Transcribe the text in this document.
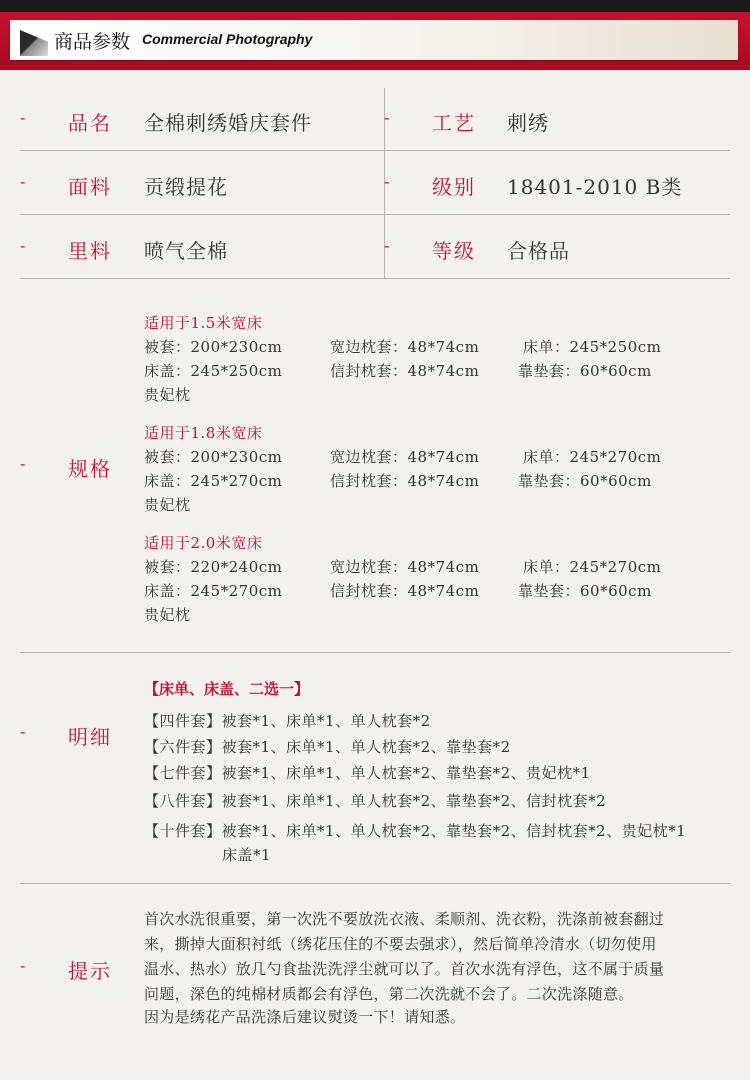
商品参数 Commercial Photography
- 品名 全棉刺绣婚庆套件	- 工艺 刺绣
- 面料 贡缎提花	- 级别 18401-2010 B类
- 里料 喷气全棉	- 等级 合格品
- 规格
适用于1.5米宽床
被套：200*230cm	宽边枕套：48*74cm	床单：245*250cm
床盖：245*250cm	信封枕套：48*74cm	靠垫套：60*60cm
贵妃枕
适用于1.8米宽床
被套：200*230cm	宽边枕套：48*74cm	床单：245*270cm
床盖：245*270cm	信封枕套：48*74cm	靠垫套：60*60cm
贵妃枕
适用于2.0米宽床
被套：220*240cm	宽边枕套：48*74cm	床单：245*270cm
床盖：245*270cm	信封枕套：48*74cm	靠垫套：60*60cm
贵妃枕
- 明细
【床单、床盖、二选一】
【四件套】被套*1、床单*1、单人枕套*2
【六件套】被套*1、床单*1、单人枕套*2、靠垫套*2
【七件套】被套*1、床单*1、单人枕套*2、靠垫套*2、贵妃枕*1
【八件套】被套*1、床单*1、单人枕套*2、靠垫套*2、信封枕套*2
【十件套】被套*1、床单*1、单人枕套*2、靠垫套*2、信封枕套*2、贵妃枕*1
床盖*1
- 提示
首次水洗很重要，第一次洗不要放洗衣液、柔顺剂、洗衣粉，洗涤前被套翻过
来，撕掉大面积衬纸（绣花压住的不要去强求），然后简单冷清水（切勿使用
温水、热水）放几勺食盐洗洗浮尘就可以了。首次水洗有浮色，这不属于质量
问题，深色的纯棉材质都会有浮色，第二次洗就不会了。二次洗涤随意。
因为是绣花产品洗涤后建议熨烫一下！请知悉。
